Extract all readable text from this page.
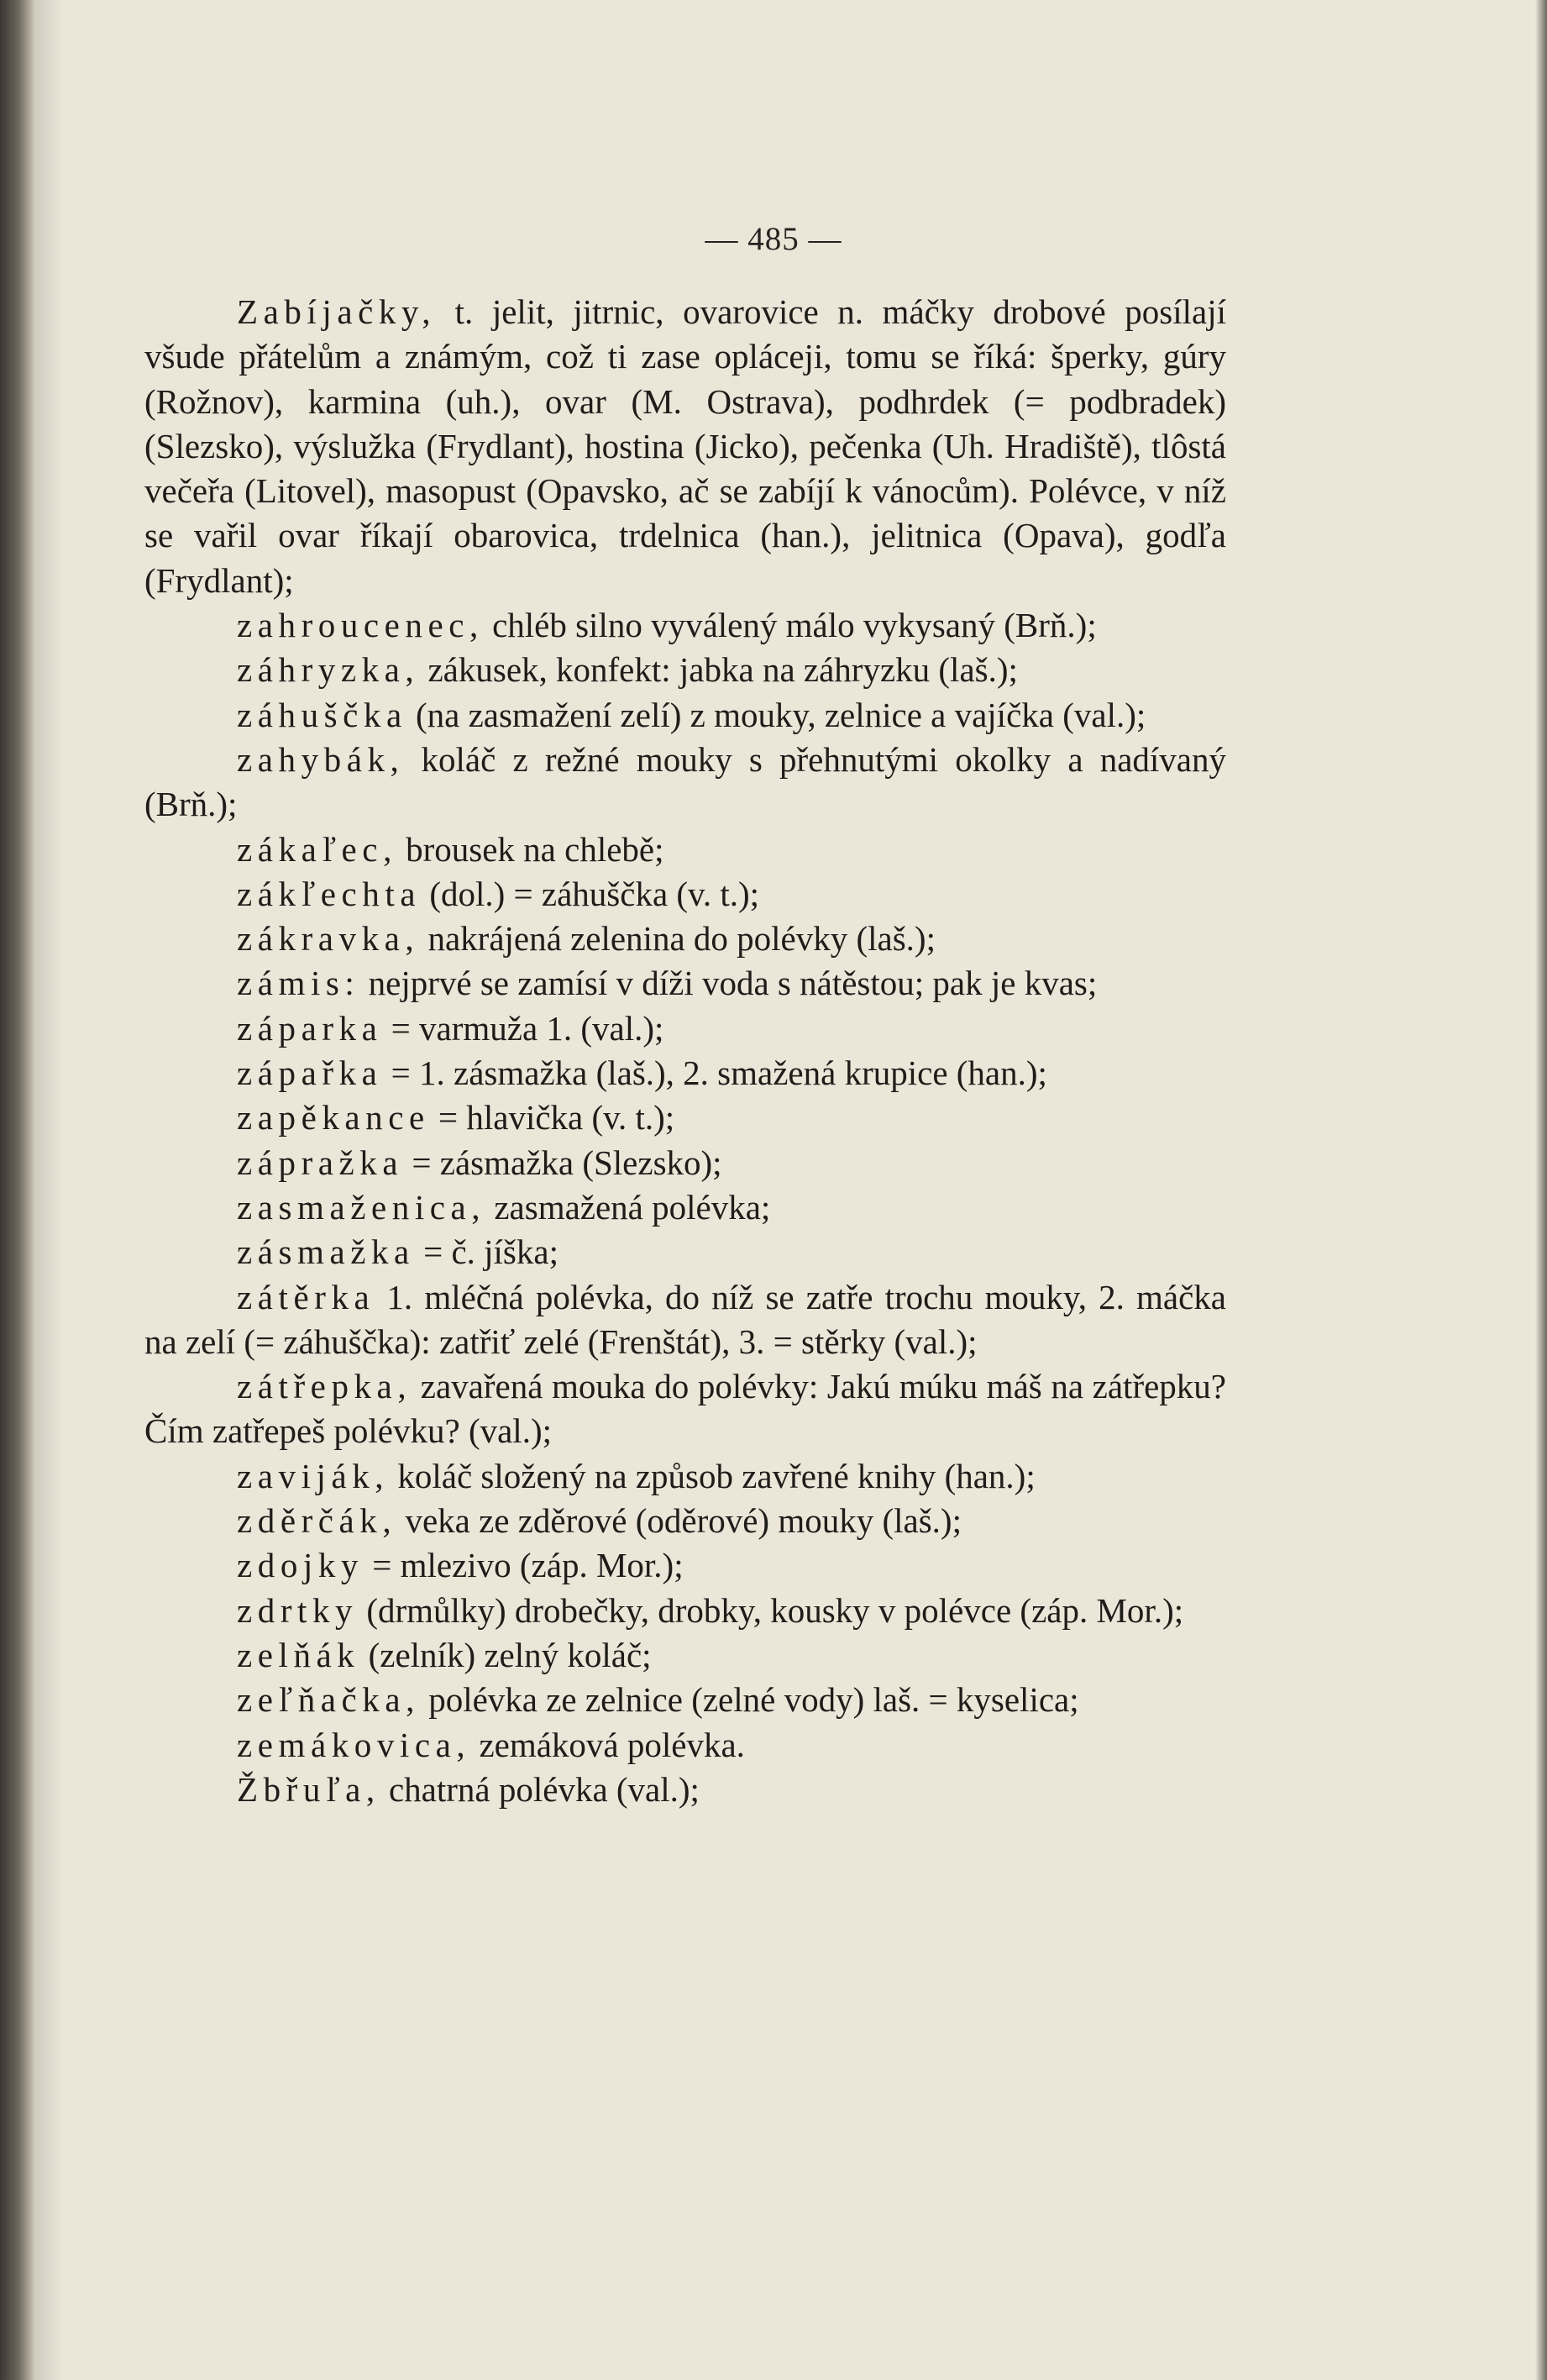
— 485 —

Zabíjačky, t. jelit, jitrnic, ovarovice n. máčky drobové posílají všude přátelům a známým, což ti zase opláceji, tomu se říká: šperky, gúry (Rožnov), karmina (uh.), ovar (M. Ostrava), podhrdek (= podbradek) (Slezsko), výslužka (Frydlant), hostina (Jicko), pečenka (Uh. Hradiště), tlôstá večeřa (Litovel), masopust (Opavsko, ač se zabíjí k vánocům). Polévce, v níž se vařil ovar říkají obarovica, trdelnica (han.), jelitnica (Opava), godľa (Frydlant);

zahroucenec, chléb silno vyválený málo vykysaný (Brň.);

záhryzka, zákusek, konfekt: jabka na záhryzku (laš.);

záhuščka (na zasmažení zelí) z mouky, zelnice a vajíčka (val.);

zahybák, koláč z režné mouky s přehnutými okolky a nadívaný (Brň.);

zákaľec, brousek na chlebě;

zákľechta (dol.) = záhuščka (v. t.);

zákravka, nakrájená zelenina do polévky (laš.);

zámis: nejprvé se zamísí v díži voda s nátěstou; pak je kvas;

záparka = varmuža 1. (val.);

zápařka = 1. zásmažka (laš.), 2. smažená krupice (han.);

zapěkance = hlavička (v. t.);

zápražka = zásmažka (Slezsko);

zasmaženica, zasmažená polévka;

zásmažka = č. jíška;

zátěrka 1. mléčná polévka, do níž se zatře trochu mouky, 2. máčka na zelí (= záhuščka): zatřiť zelé (Frenštát), 3. = stěrky (val.);

zátřepka, zavařená mouka do polévky: Jakú múku máš na zátřepku? Čím zatřepeš polévku? (val.);

zaviják, koláč složený na způsob zavřené knihy (han.);

zděrčák, veka ze zděrové (oděrové) mouky (laš.);

zdojky = mlezivo (záp. Mor.);

zdrtky (drmůlky) drobečky, drobky, kousky v polévce (záp. Mor.);

zelňák (zelník) zelný koláč;

zeľňačka, polévka ze zelnice (zelné vody) laš. = kyselica;

zemákovica, zemáková polévka.

Žbřuľa, chatrná polévka (val.);
